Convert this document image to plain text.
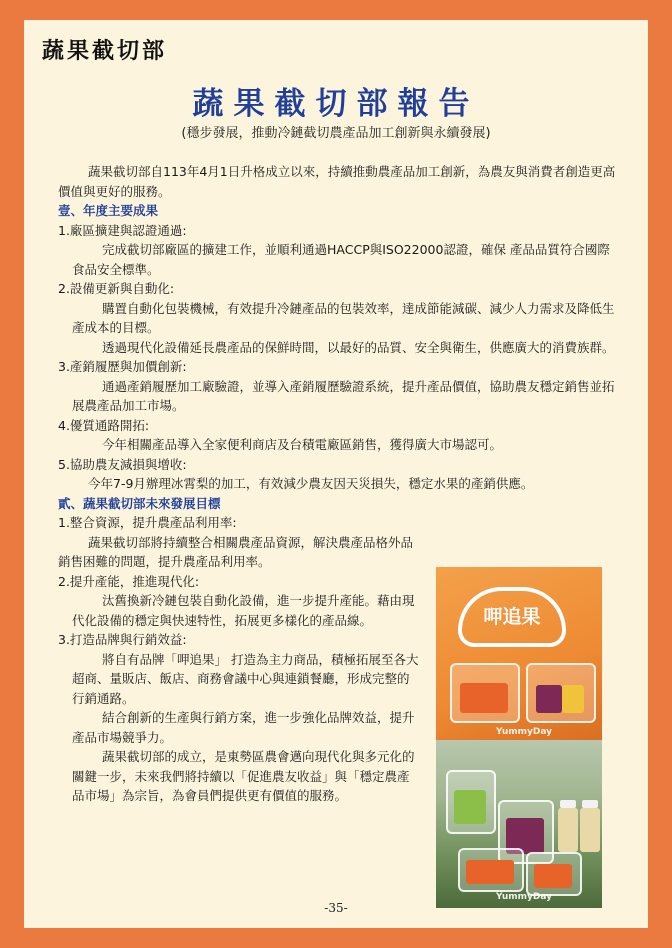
蔬果截切部
蔬果截切部報告
(穩步發展，推動冷鏈截切農產品加工創新與永續發展)

蔬果截切部自113年4月1日升格成立以來，持續推動農產品加工創新，為農友與消費者創造更高價值與更好的服務。

壹、年度主要成果

1.廠區擴建與認證通過:

完成截切部廠區的擴建工作，並順利通過HACCP與ISO22000認證，確保 產品品質符合國際食品安全標準。

2.設備更新與自動化:

購置自動化包裝機械，有效提升冷鏈產品的包裝效率，達成節能減碳、減少人力需求及降低生產成本的目標。

透過現代化設備延長農產品的保鮮時間，以最好的品質、安全與衛生，供應廣大的消費族群。

3.產銷履歷與加價創新:

通過產銷履歷加工廠驗證，並導入產銷履歷驗證系統，提升產品價值，協助農友穩定銷售並拓展農產品加工市場。

4.優質通路開拓:

今年相關產品導入全家便利商店及台積電廠區銷售，獲得廣大市場認可。

5.協助農友減損與增收:

今年7-9月辦理冰霄梨的加工，有效減少農友因天災損失，穩定水果的產銷供應。

貳、蔬果截切部未來發展目標

1.整合資源，提升農產品利用率:

蔬果截切部將持續整合相關農產品資源，解決農產品格外品銷售困難的問題，提升農產品利用率。

2.提升產能，推進現代化:

汰舊換新冷鏈包裝自動化設備，進一步提升產能。藉由現代化設備的穩定與快速特性，拓展更多樣化的產品線。

3.打造品牌與行銷效益:

將自有品牌「呷追果」 打造為主力商品，積極拓展至各大超商、量販店、飯店、商務會議中心與連鎖餐廳，形成完整的行銷通路。

結合創新的生產與行銷方案，進一步強化品牌效益，提升產品市場競爭力。

蔬果截切部的成立，是東勢區農會邁向現代化與多元化的關鍵一步，未來我們將持續以「促進農友收益」與「穩定農產品市場」為宗旨，為會員們提供更有價值的服務。

呷追果
YummyDay
YummyDay
-35-
